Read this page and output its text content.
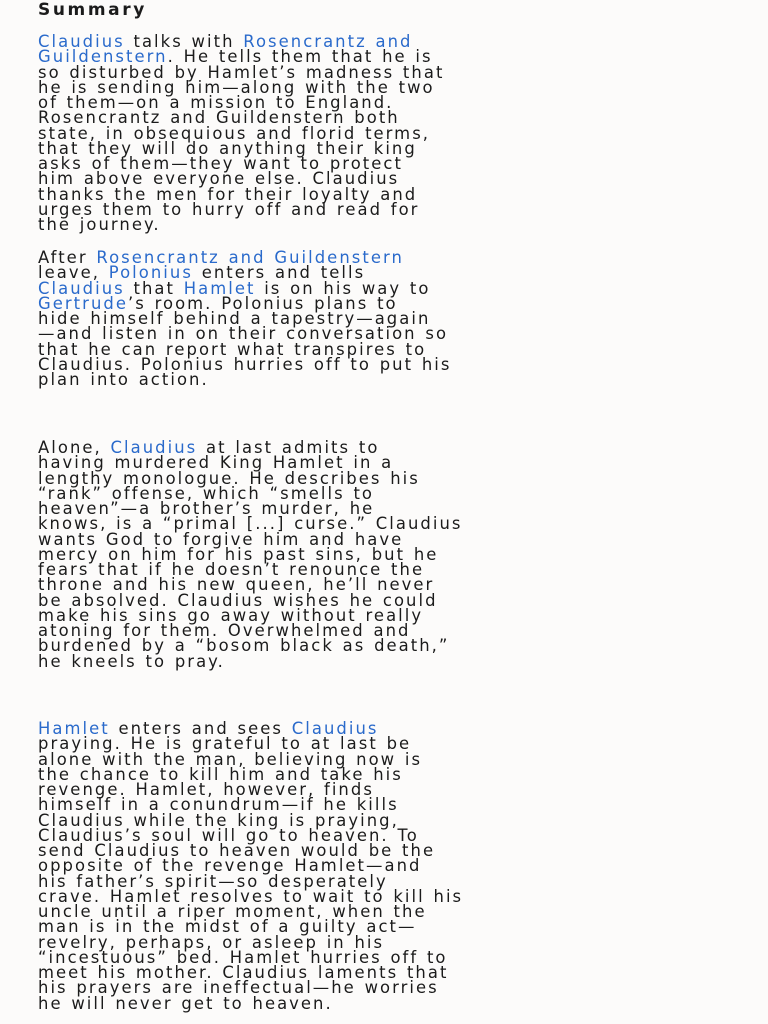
Summary

Claudius talks with Rosencrantz and
Guildenstern. He tells them that he is
so disturbed by Hamlet’s madness that
he is sending him—along with the two
of them—on a mission to England.
Rosencrantz and Guildenstern both
state, in obsequious and florid terms,
that they will do anything their king
asks of them—they want to protect
him above everyone else. Claudius
thanks the men for their loyalty and
urges them to hurry off and read for
the journey.

After Rosencrantz and Guildenstern
leave, Polonius enters and tells
Claudius that Hamlet is on his way to
Gertrude’s room. Polonius plans to
hide himself behind a tapestry—again
—and listen in on their conversation so
that he can report what transpires to
Claudius. Polonius hurries off to put his
plan into action.

Alone, Claudius at last admits to
having murdered King Hamlet in a
lengthy monologue. He describes his
“rank” offense, which “smells to
heaven”—a brother’s murder, he
knows, is a “primal [...] curse.” Claudius
wants God to forgive him and have
mercy on him for his past sins, but he
fears that if he doesn’t renounce the
throne and his new queen, he’ll never
be absolved. Claudius wishes he could
make his sins go away without really
atoning for them. Overwhelmed and
burdened by a “bosom black as death,”
he kneels to pray.

Hamlet enters and sees Claudius
praying. He is grateful to at last be
alone with the man, believing now is
the chance to kill him and take his
revenge. Hamlet, however, finds
himself in a conundrum—if he kills
Claudius while the king is praying,
Claudius’s soul will go to heaven. To
send Claudius to heaven would be the
opposite of the revenge Hamlet—and
his father’s spirit—so desperately
crave. Hamlet resolves to wait to kill his
uncle until a riper moment, when the
man is in the midst of a guilty act—
revelry, perhaps, or asleep in his
“incestuous” bed. Hamlet hurries off to
meet his mother. Claudius laments that
his prayers are ineffectual—he worries
he will never get to heaven.
